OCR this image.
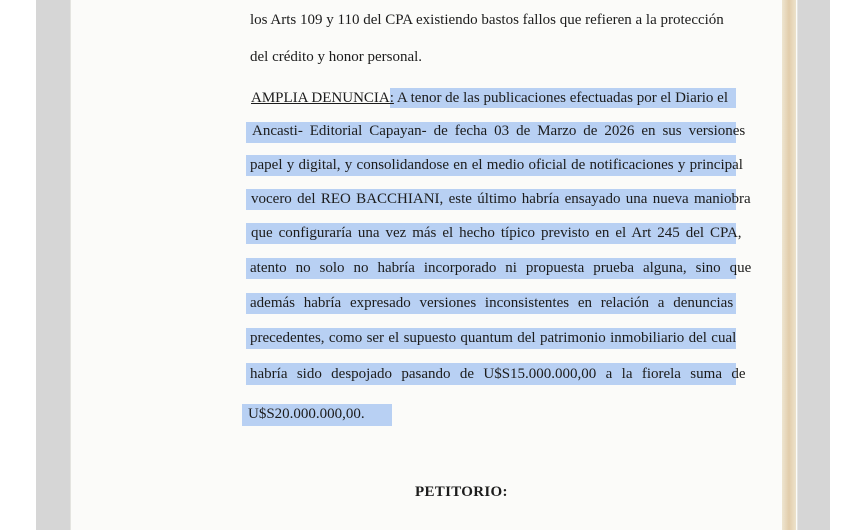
los Arts 109 y 110 del CPA existiendo bastos fallos que refieren a la protección
del crédito y honor personal.
AMPLIA DENUNCIA: A tenor de las publicaciones efectuadas por el Diario el
Ancasti- Editorial Capayan- de fecha 03 de Marzo de 2026 en sus versiones
papel y digital, y consolidandose en el medio oficial de notificaciones y principal
vocero del REO BACCHIANI, este último habría ensayado una nueva maniobra
que configuraría una vez más el hecho típico previsto en el Art 245 del CPA,
atento no solo no habría incorporado ni propuesta prueba alguna, sino que
además habría expresado versiones inconsistentes en relación a denuncias
precedentes, como ser el supuesto quantum del patrimonio inmobiliario del cual
habría sido despojado pasando de U$S15.000.000,00 a la fiorela suma de
U$S20.000.000,00.
PETITORIO:
